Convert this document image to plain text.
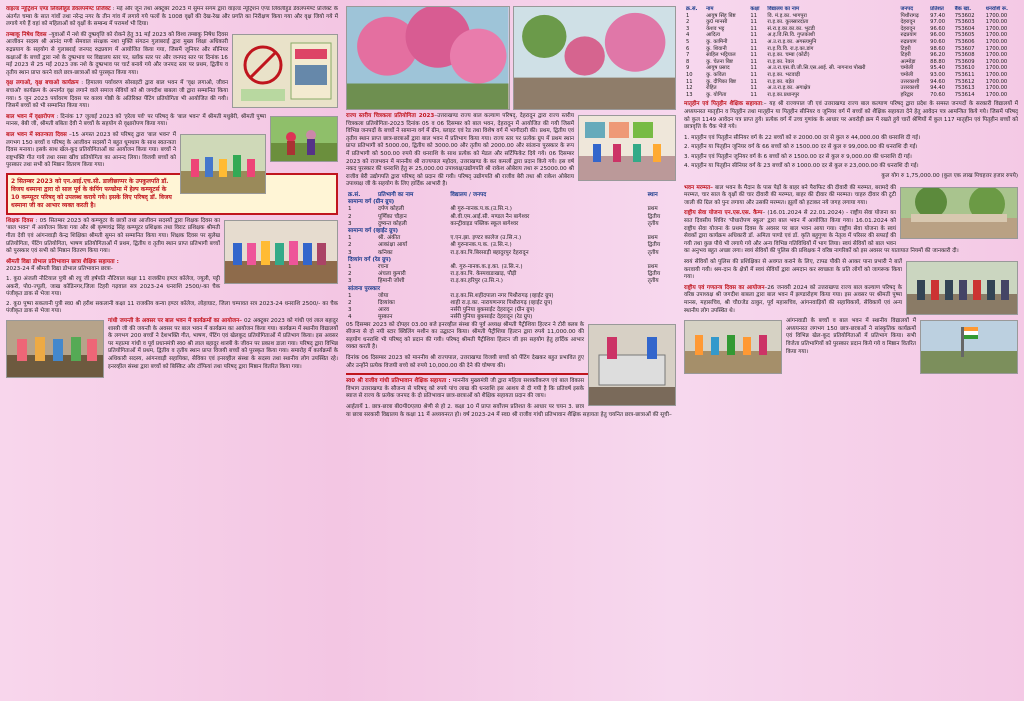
वाइल्ड न्यूट्रिशन एण्ड लिवलीहुड डेवलपमेण्ट प्रोजेक्ट : मई और जून तथा अक्टूबर 2023 में सुमन संगम द्वारा वाइल्ड न्यूट्रिशन एण्ड लिवलीहुड डेवलपमेण्ट प्रोजेक्ट के अंतर्गत चम्बा के सात गांवों तथा नरेन्द्र नगर के तीन गांव में लगाये गये फलों के 1008 वृक्षों की देख-रेख और प्रगति का निरीक्षण किया गया और वृक्ष जियो गये में लगाये गये हैं वहां को महिलाओं को वृक्षों के सम्बन्ध में परामर्श भी दिया।

तम्बाकू निषेध दिवस –युवाओं में नशे की दुष्प्रवृत्ति को रोकने हेतु 31 मई 2023 को विश्व तम्बाकू निषेध दिवस आजीवन सदस्य श्री आनंद मणी सेमवाल संरक्षक नशा मुक्ति संगठन गुलाबराई द्वारा मुख्य शिक्षा अधिकारी रुद्रप्रयाग के सहयोग से गुलाबराई जनपद रुद्रप्रयाग में आयोजित किया गया, जिसमें जूनियर और सीनियर कक्षाओं के बच्चों द्वारा नशे के दुष्प्रभाव पर विद्यालय स्तर पर, ब्लॉक स्तर पर और जनपद स्तर पर दिनांक 16 मई 2023 से 25 मई 2023 तक नशे के दुष्प्रभाव पर चार्ट बनाये गये और जनपद स्तर पर प्रथम, द्वितीय व तृतीय स्थान प्राप्त करने वाले छात्र-छात्राओं को पुरस्कृत किया गया।

वृक्ष लगाओ, वृक्ष बचाओ कार्यक्रम : हिमालय पर्यावरण सोसाइटी द्वारा बाल भवन में 'वृक्ष लगाओ, जीवन बचाओ' कार्यक्रम के अन्तर्गत वृक्ष लगाने वाले समाज सेवियों को श्री जगदीश बाबला जी द्वारा सम्मानित किया गया। 5 जून 2023 पर्यावरण दिवस पर काव्य गोष्ठी के अतिरिक्त पेंटिंग प्रतियोगिता भी आयोजित की गयी। जिसमें बच्चों को भी सम्मानित किया गया।

बाल भवन में वृक्षारोपण : दिनांक 17 जुलाई 2023 को 'हरेला पर्व' पर परिषद् के 'बाल भवन' में श्रीमती मधुबेरी, श्रीमती पुष्पा मानस, बेबी जी, श्रीमती बबिता देवी ने बच्चों के सहयोग से वृक्षारोपण किया गया।

बाल भवन में स्वतन्त्रता दिवस –15 अगस्त 2023 को परिषद् द्वारा 'बाल भवन' में लगभग 150 बच्चों व परिषद् के आजीवन सदस्यों ने बहुत धूमधाम के साथ स्वतन्त्रता दिवस मनाया। इसके साथ खेल-कूद प्रतियोगिताओं का आयोजन किया गया। बच्चों ने राष्ट्रभक्ति गीत गाये तथा रस्सा खींच प्रतियोगिता का आनन्द लिया। विजयी बच्चों को पुरस्कार तथा सभी को मिष्ठान वितरण किया गया।

2 सितम्बर 2023 को एन.आई.एच.सी. डालीछाप्पर के उपकुलपति डॉ. विजय धस्माना द्वारा दो साल पूर्व के कंपिंग फण्डोमा में हेल्प कम्प्यूटर्स के 10 कम्प्यूटर परिषद् को उपलब्ध कराये गये। इसके लिए परिषद् डॉ. विजय धस्माना जी का आभार व्यक्त करती है।

शिक्षक दिवस : 05 सितम्बर 2023 को कम्प्यूटर के छात्रों तथा आजीवन सदस्यों द्वारा शिक्षक दिवस का 'बाल भवन' में आयोजन किया गया और श्री कृष्णचंद्र सिंह कम्प्यूटर प्रशिक्षक तथा विराट प्रशिक्षक श्रीमती गीता देवी एवं आंगनवाड़ी केन्द्र शिक्षिका श्रीमती सुमन को सम्मानित किया गया। शिक्षक दिवस पर सुलेख प्रतियोगिता, पेंटिंग प्रतियोगिता, भाषण प्रतियोगिताओं में प्रथम, द्वितीय व तृतीय स्थान प्राप्त प्रतिभागी बच्चों को पुरस्कार एवं सभी को मिष्ठान वितरण किया गया।

श्रीमती विद्या डोभाल प्रतिभावान छात्रा शैक्षिक सहायता :

2023-24 में श्रीमती विद्या डोभाल प्रतिभावान छात्रा-

1. कु0 अंजली नौटियाल पुत्री श्री रघु जी हर्षपति नौटियाल कक्षा 11 राजकीय इण्टर कॉलेज, ज्यूली, पट्टी अकरी, पो0-ज्यूली, जाख कोडिनगर,जिला टिहरी गढ़वाल सत्र 2023-24 धनराशि 2500/-का चैक पंजीकृत डाक से भेजा गया।

2. कु0 पुष्पा सकलानी पुत्री स्व0 श्री हरीश सकलानी कक्षा 11 राजकीय कन्या इण्टर कॉलेज, लोहाघाट, जिला चम्पावत सत्र 2023-24 धनराशि 2500/- का चैक पंजीकृत डाक से भेजा गया।

गांधी जयन्ती के अवसर पर बाल भवन में कार्यक्रमों का आयोजन– 02 अक्टूबर 2023 को गांधी एवं लाल बहादुर शास्त्री जी की जयन्ती के अवसर पर बाल भवन में कार्यक्रम का आयोजन किया गया। कार्यक्रम में स्थानीय विद्यालयों के लगभग 200 बच्चों ने देशभक्ति गीत, भाषण, पेंटिंग एवं खेलकूद प्रतियोगिताओं में प्रतिभाग किया। इस अवसर पर महात्मा गांधी व पूर्व प्रधानमंत्री स्व0 श्री लाल बहादुर शास्त्री के जीवन पर प्रकाश डाला गया। परिषद् द्वारा विभिन्न प्रतियोगिताओं में प्रथम, द्वितीय व तृतीय स्थान प्राप्त विजयी बच्चों को पुरस्कृत किया गया। समारोह में कार्यक्रमों के अधिकारी सदस्य, आंगनवाड़ी सहायिका, सेविका एवं इनरव्हील संस्था के सदस्य तथा स्थानीय लोग उपस्थित रहे। इनरव्हील संस्था द्वारा बच्चों को बिस्किट और टॉफियां तथा परिषद् द्वारा मिष्ठान वितरित किया गया।

राज्य स्तरीय चित्रकला प्रतियोगिता 2023–उत्तराखण्ड राज्य बाल कल्याण परिषद्, देहरादून द्वारा राज्य स्तरीय चित्रकला प्रतियोगिता-2023 दिनांक 05 व 06 दिसम्बर को बाल भवन, देहरादून में आयोजित की गयी जिसमें विभिन्न जनपदों के बच्चों ने सामान्य वर्ग में ग्रीन, ब्लाइट एवं रेड तथा विशेष वर्ग में भागीदारी की। प्रथम, द्वितीय एवं तृतीय स्थान प्राप्त छात्र-छात्राओं द्वारा बाल भवन में प्रतिभाग किया गया। राज्य स्तर पर प्रत्येक ग्रुप में प्रथम स्थान प्राप्त प्रतिभागी को 5000.00, द्वितीय को 3000.00 और तृतीय को 2000.00 और सांत्वना पुरस्कार के रूप में प्रतिभागी को 500.00 रुपये की धनराशि के साथ प्रत्येक को मेडल और सर्टिफिकेट दिये गये। 06 दिसम्बर 2023 को राजभवन में माननीय श्री राज्यपाल महोदय, उत्तराखण्ड के कर कमलों द्वारा प्रदान किये गये। इस वर्ष नकद पुरस्कार की धनराशि हेतु रू 25,000.00 उपाध्यक्ष/उद्योगपति श्री राकेश ओबेराय तथा रू 25000.00 श्री राजीव बेरी उद्योगपति द्वारा परिषद् को प्रदान की गयी। परिषद् उद्योगपति श्री राजीव बेरी तथा श्री राकेश ओबेराय उपाध्यक्ष जी के सहयोग के लिए हार्दिक आभारी है।

क्र.सं.	प्रतिभागी का नाम	विद्यालय / जनपद	स्थान
सामान्य वर्ग (ग्रीन ग्रुप)			
1	दर्पण कोहली	श्री गुरु-नानक.प.क.(उ.सि.न.)	प्रथम
2	पूर्णिका चौहान	श्री.वी.एम.आई.सी. मण्डल नैन बागेश्वर	द्वितीय
3	दुष्यन्त कोहली	कान्ट्रीवाइड पब्लिक स्कूल बागेश्वर	तृतीय
सामान्य वर्ग (व्हाईट ग्रुप)			
1	श्री. अंकीत	ए.एन.झा. इण्टर कालेज (उ.सि.न.)	प्रथम
2	आकांक्षा आर्या	श्री गुरुनानक.प.क. (उ.सि.न.)	द्वितीय
3	कनिका	रा.इ.का.पि.बिरसाड़ी बहादुरपुर देहरादून	तृतीय
दिव्यांग वर्ग (रेड ग्रुप)			
1	रचना	श्री. गुरु-नानक.क.इ.का. (उ.सि.न.)	प्रथम
2	अंचला कुमारी	रा.इ.का.पि. केस्पवाडाखाड़, पौड़ी	द्वितीय
3	हिमानी जोशी	रा.इ.का.हरिपुर (उ.सि.न.)	तृतीय
सांत्वना पुरस्कार			
1	जोया	रा.इ.का.सि.शहीदपाला नगर पिथौरागढ़ (व्हाईट ग्रुप)	
2	दिव्यांका	शाही रा.इ.का. नारायणनगर पिथौरागढ़ (व्हाईट ग्रुप)	
3	आरव	नर्सरी पुनिया बुकसाईट देहरादून (ग्रीन ग्रुप)	
4	मुस्कान	नर्सरी पुनिया बुकसाईट देहरादून (रेड ग्रुप)	

05 दिसम्बर 2023 को दोपहर 03.00 बजे इनरव्हील संस्था की पूर्व अध्यक्ष श्रीमती पैट्रीशिया हिल्टन ने टोरी क्लब के सीजन्य से दो नयी स्टार क्विलिंग मशीन का उद्घाटन किया। श्रीमती पैट्रीशिया हिल्टन द्वारा रुपये 11,000.00 की सहयोग धनराशि भी परिषद् को प्रदान की गयी। परिषद् श्रीमती पैट्रीशिया हिल्टन जी इस सहयोग हेतु हार्दिक आभार व्यक्त करती है।

दिनांक 06 दिसम्बर 2023 को माननीय श्री राज्यपाल, उत्तराखण्ड विजयी बच्चों को पेंटिंग देखकर बहुत प्रभावित हुए और उन्होंने प्रत्येक विजयी बच्चे को रुपये 10,000.00 की देने की घोषणा की।

स्व0 श्री राजीव गांधी प्रतिभावान शैक्षिक सहायता : माननीय मुख्यमंत्री जी द्वारा महिला सशक्तीकरण एवं बाल विकास विभाग उत्तराखण्ड के सौजन्य से परिषद् को रुपये पांच लाख की धनराशि इस आशय से दी गयी है कि प्रतिवर्ष इसके ब्याज से राज्य के प्रत्येक जनपद के दो प्रतिभावान छात्र-छात्राओं को शैक्षिक सहायता प्रदान की जाय।

आर्हतायें 1. छात्र-छात्रा बी0पी0एल0 श्रेणी से हो 2. कक्षा 10 में प्राप्त सर्वोत्तम प्रतिशत के आधार पर चयन 3. छात्र या छात्रा सरकारी विद्यालय के कक्षा 11 में अध्ययनरत हो। वर्ष 2023-24 में स्व0 श्री राजीव गांधी प्रतिभावान शैक्षिक सहायता हेतु चयनित छात्र-छात्राओं की सूची–

क्र.सं.	नाम	कक्षा	विद्यालय का नाम	जनपद	प्रतिशत	बैंक खा.	धनराशि रू.
1	आयुष सिंह बिष्ट	11	वि. मं.इ.का. भागपुरा	पिथौरागढ़	97.40	753602	1700.00
2	कु0 मानसी	11	रा.इ.का. कुलसारदाता	देहरादून	97.00	753603	1700.00
3	केशव भट्ट	11	सं.रा.इ.का.का.का. भुटडी	देहरादून	96.60	753604	1700.00
4	आदित्य	11	अ.इ.वि.सि.वि. गुप्तकाशी	रुद्रप्रयाग	96.00	753605	1700.00
5	कु. कामिनी	11	अ.उ.रा.इ.का. अगस्त्यमुनि	रुद्रप्रयाग	90.60	753606	1700.00
6	कु. शिवानी	11	रा.इ.वि.वि. रा.इ.का.डांग	टिहरी	98.60	753607	1700.00
7	साहिल भट्टियाल	11	रा.इ.का. चम्बा (कोटी)	टिहरी	96.20	753608	1700.00
8	कु. चेतना बिष्ट	11	रा.इ.का. रेवल	अल्मोड़ा	88.80	753609	1700.00
9	आयुष प्रसाद	11	अ.उ.रा.एस.वी.जी.सि.एस.आई. सी. नागनाथ पोखरी	चमोली	95.40	753610	1700.00
10	कु. कविता	11	रा.इ.का. भटवाड़ी	चमोली	93.00	753611	1700.00
11	कु. दीपिका बिष्ट	11	रा.इ.का. बड़ेत	उत्तरकाशी	94.60	753612	1700.00
12	रोहित	11	अ.उ.रा.इ.का. अगाक्षेत्र	उत्तरकाशी	94.40	753613	1700.00
13	कु. योगिता	11	रा.इ.का.प्रधानपुर	हरिद्वार	70.60	753614	1700.00

मातृहीन एवं पितृहीन शैक्षिक सहायता:– यह श्री राज्यपाल जी एवं उत्तराखण्ड राज्य बाल कल्याण परिषद् द्वारा प्रदेश के समस्त जनपदों के सरकारी विद्यालयों में अध्ययनरत मातृहीन व पितृहीन तथा मातृहीन या पितृहीन सीनियर व जूनियर वर्ग में बच्चों को शैक्षिक सहायता देने हेतु आवेदन पत्र आमन्त्रित किये गये। जिसमें परिषद् को कुल 1149 आवेदन पत्र प्राप्त हुये। प्रत्येक वर्ग में उच्च गुणांक के आधार पर अवरोही क्रम में रखते हुये चारों श्रेणियों में कुल 117 मातृहीन एवं पितृहीन बच्चों को छात्रवृत्ति के चैक भेजे गये।

1. मातृहीन एवं पितृहीन सीनियर वर्ग के 22 बच्चों को रु 2000.00 दर से कुल रु 44,000.00 की धनराशि दी गई।

2. मातृहीन या पितृहीन जूनियर वर्ग के 66 बच्चों को रु 1500.00 दर से कुल रु 99,000.00 की धनराशि दी गई।

3. मातृहीन एवं पितृहीन जूनियर वर्ग के 6 बच्चों को रु 1500.00 दर से कुल रु 9,000.00 की धनराशि दी गई।

4. मातृहीन या पितृहीन सीनियर वर्ग के 23 बच्चों को रु 1000.00 दर से कुल रु 23,000.00 की धनराशि दी गई।

कुल योग रु 1,75,000.00 (कुल एक लाख पिचहत्तर हजार रुपये)

भवन मरम्मत– बाल भवन के मैदान के पास पेड़ों के बाहर बने पैराफिट की दीवारी की मरम्मत, बरामदे की मरम्मत, चार साल के वृक्षों की चार दीवारी की मरम्मत, बाहर की दीवार की मरम्मत। चाहरु दीवार की टूटी जाली की ग्रिल को पुनः लगाया और उसकी मरम्मत। झूलों को हटाकर नये जगह लगाया गया।

राष्ट्रीय सेवा योजना एन.एस.एस. कैम्प– (16.01.2024 से 22.01.2024) - राष्ट्रीय सेवा योजना का सात दिवसीय शिविर 'पौधारोपण स्कूल' द्वारा बाल भवन में आयोजित किया गया। 16.01.2024 को राष्ट्रीय सेवा योजना के प्रथम दिवस के अवसर पर बाल भवन आया गया। राष्ट्रीय सेवा योजना के स्वयं सेवकों द्वारा कार्यक्रम अधिकारी डॉ. अमिता पाण्डे एवं डॉ. कृति बहुगुणा के नेतृत्व में परिसर की सफाई की गयी तथा कुछ पौधे भी लगाये गये और अन्य विभिन्न गतिविधियों में भाग लिया। स्वयं सेवियों को बाल भवन का अनुभव बहुत अच्छा लगा। स्वयं सेवियों की पुलिस की प्रशिक्षक ने वरिष्ठ नागरिकों को इस अवसर पर यातायात नियमों की जानकारी दी।

स्वयं सेवियों को पुलिस की प्रशिक्षिका से अवगत कराने के लिए, टाफ्ड पौकी से आकर पाना प्रभारी ने बातें करवायी गयी। श्रम-दान के क्षेत्रों में स्वयं सेवियों द्वारा अमदान कर स्वच्छता के प्रति लोगों को जागरूक किया गया।

राष्ट्रीय एवं गणतन्त्र दिवस का आयोजन–26 जनवरी 2024 को उत्तराखण्ड राज्य बाल कल्याण परिषद् के वरिष्ठ उपाध्यक्ष श्री जगदीश बाबला द्वारा बाल भवन में झण्डारोहण किया गया। इस अवसर पर श्रीमती पुष्पा मानस, महासचिव, श्री चौ0जेड ठाकुर, पूर्व महासचिव, आंगनवाड़ियों की सहायिकायें, सेविकायें एवं अन्य स्थानीय लोग उपस्थित थे।

आंगनवाडी के बच्चों व बाल भवन में स्थानीय विद्यालयों में अध्ययनरत लगभग 150 छात्र-छात्राओं ने सांस्कृतिक कार्यक्रमों एवं विभिन्न खेल-कूद प्रतियोगिताओं में प्रतिभाग किया। सभी विजेता प्रतिभागियों को पुरस्कार प्रदान किये गये व मिष्ठान वितरित किया गया।
